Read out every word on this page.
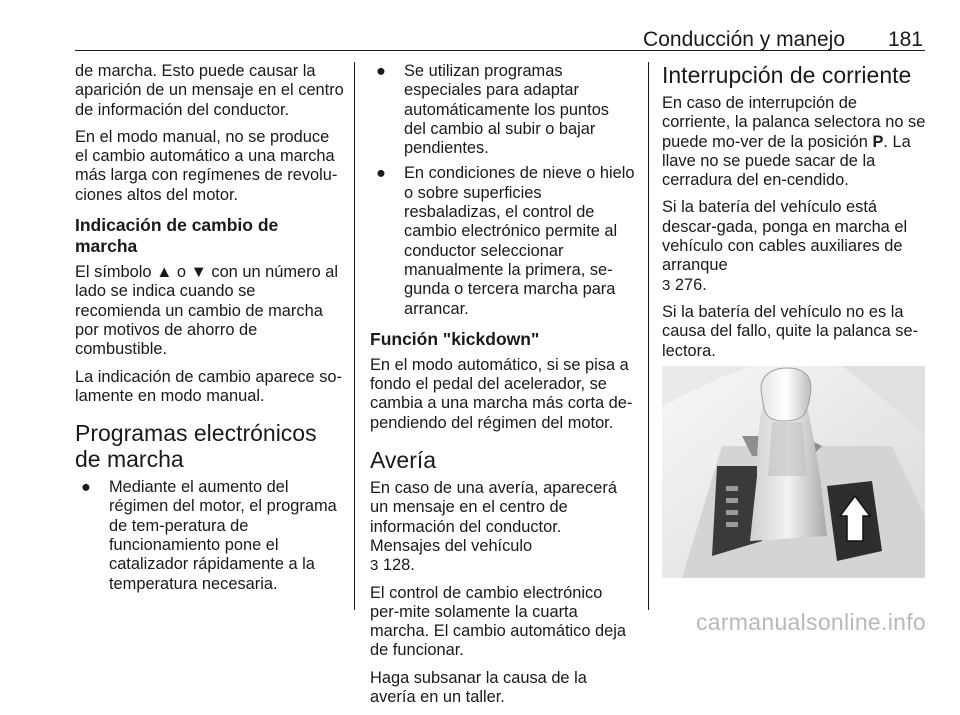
Conducción y manejo 181

de marcha. Esto puede causar la aparición de un mensaje en el centro de información del conductor.

En el modo manual, no se produce el cambio automático a una marcha más larga con regímenes de revolu-ciones altos del motor.

Indicación de cambio de marcha

El símbolo ▲ o ▼ con un número al lado se indica cuando se recomienda un cambio de marcha por motivos de ahorro de combustible.

La indicación de cambio aparece so-lamente en modo manual.

Programas electrónicos de marcha
● Mediante el aumento del régimen del motor, el programa de tem-peratura de funcionamiento pone el catalizador rápidamente a la temperatura necesaria.
● Se utilizan programas especiales para adaptar automáticamente los puntos del cambio al subir o bajar pendientes.
● En condiciones de nieve o hielo o sobre superficies resbaladizas, el control de cambio electrónico permite al conductor seleccionar manualmente la primera, se-gunda o tercera marcha para arrancar.
Función "kickdown"

En el modo automático, si se pisa a fondo el pedal del acelerador, se cambia a una marcha más corta de-pendiendo del régimen del motor.

Avería

En caso de una avería, aparecerá un mensaje en el centro de información del conductor. Mensajes del vehículo
3 128.

El control de cambio electrónico per-mite solamente la cuarta marcha. El cambio automático deja de funcionar.

Haga subsanar la causa de la avería en un taller.

Interrupción de corriente

En caso de interrupción de corriente, la palanca selectora no se puede mo-ver de la posición P. La llave no se puede sacar de la cerradura del en-cendido.

Si la batería del vehículo está descar-gada, ponga en marcha el vehículo con cables auxiliares de arranque
3 276.

Si la batería del vehículo no es la causa del fallo, quite la palanca se-lectora.

carmanualsonline.info
